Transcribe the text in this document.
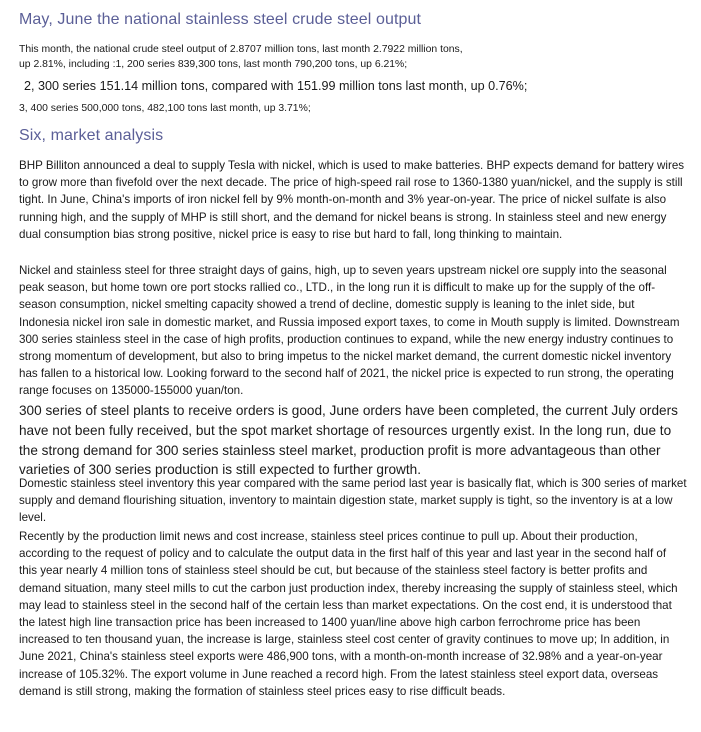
May, June the national stainless steel crude steel output

This month, the national crude steel output of 2.8707 million tons, last month 2.7922 million tons, up 2.81%, including :1, 200 series 839,300 tons, last month 790,200 tons, up 6.21%;

2, 300 series 151.14 million tons, compared with 151.99 million tons last month, up 0.76%;

3, 400 series 500,000 tons, 482,100 tons last month, up 3.71%;

Six, market analysis

BHP Billiton announced a deal to supply Tesla with nickel, which is used to make batteries. BHP expects demand for battery wires to grow more than fivefold over the next decade. The price of high-speed rail rose to 1360-1380 yuan/nickel, and the supply is still tight. In June, China's imports of iron nickel fell by 9% month-on-month and 3% year-on-year. The price of nickel sulfate is also running high, and the supply of MHP is still short, and the demand for nickel beans is strong. In stainless steel and new energy dual consumption bias strong positive, nickel price is easy to rise but hard to fall, long thinking to maintain.

Nickel and stainless steel for three straight days of gains, high, up to seven years upstream nickel ore supply into the seasonal peak season, but home town ore port stocks rallied co., LTD., in the long run it is difficult to make up for the supply of the off-season consumption, nickel smelting capacity showed a trend of decline, domestic supply is leaning to the inlet side, but Indonesia nickel iron sale in domestic market, and Russia imposed export taxes, to come in Mouth supply is limited. Downstream 300 series stainless steel in the case of high profits, production continues to expand, while the new energy industry continues to strong momentum of development, but also to bring impetus to the nickel market demand, the current domestic nickel inventory has fallen to a historical low. Looking forward to the second half of 2021, the nickel price is expected to run strong, the operating range focuses on 135000-155000 yuan/ton.

300 series of steel plants to receive orders is good, June orders have been completed, the current July orders have not been fully received, but the spot market shortage of resources urgently exist. In the long run, due to the strong demand for 300 series stainless steel market, production profit is more advantageous than other varieties of 300 series production is still expected to further growth.

Domestic stainless steel inventory this year compared with the same period last year is basically flat, which is 300 series of market supply and demand flourishing situation, inventory to maintain digestion state, market supply is tight, so the inventory is at a low level.

Recently by the production limit news and cost increase, stainless steel prices continue to pull up. About their production, according to the request of policy and to calculate the output data in the first half of this year and last year in the second half of this year nearly 4 million tons of stainless steel should be cut, but because of the stainless steel factory is better profits and demand situation, many steel mills to cut the carbon just production index, thereby increasing the supply of stainless steel, which may lead to stainless steel in the second half of the certain less than market expectations. On the cost end, it is understood that the latest high line transaction price has been increased to 1400 yuan/line above high carbon ferrochrome price has been increased to ten thousand yuan, the increase is large, stainless steel cost center of gravity continues to move up; In addition, in June 2021, China's stainless steel exports were 486,900 tons, with a month-on-month increase of 32.98% and a year-on-year increase of 105.32%. The export volume in June reached a record high. From the latest stainless steel export data, overseas demand is still strong, making the formation of stainless steel prices easy to rise difficult beads.
